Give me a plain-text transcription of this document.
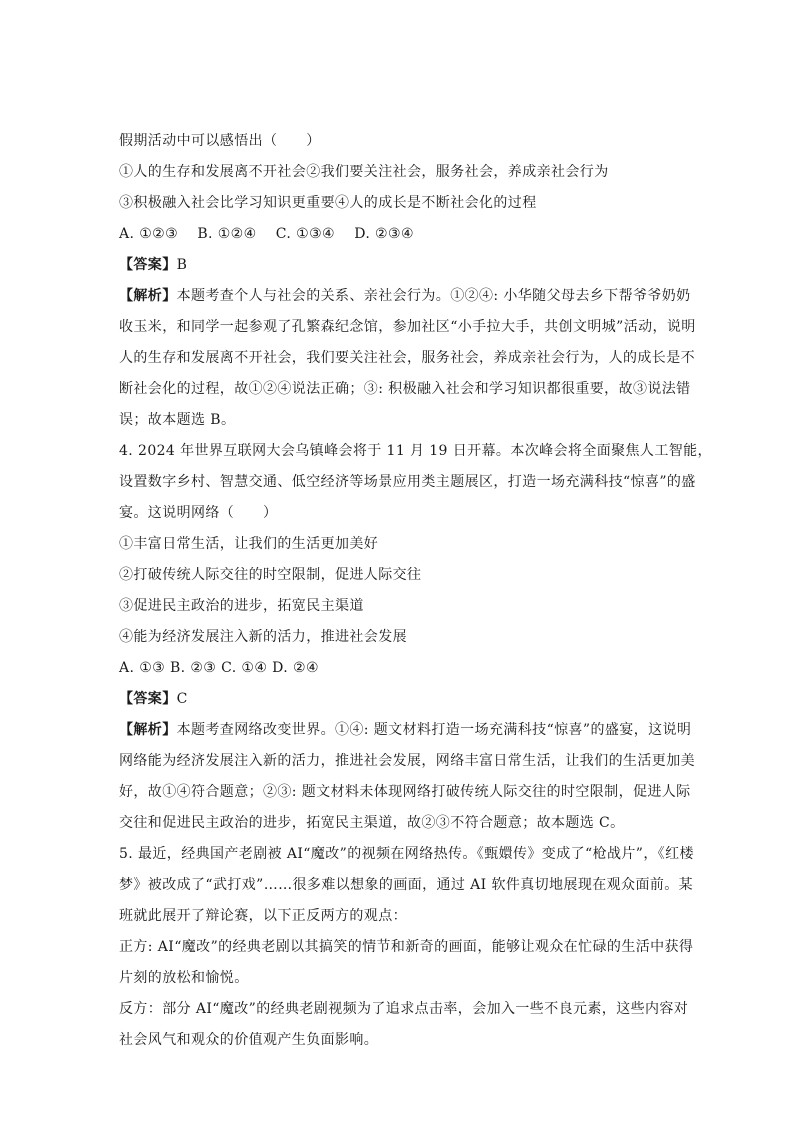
假期活动中可以感悟出（　　）
①人的生存和发展离不开社会②我们要关注社会，服务社会，养成亲社会行为
③积极融入社会比学习知识更重要④人的成长是不断社会化的过程
A. ①②③　 B. ①②④　 C. ①③④　 D. ②③④
【答案】B
【解析】本题考查个人与社会的关系、亲社会行为。①②④: 小华随父母去乡下帮爷爷奶奶
收玉米，和同学一起参观了孔繁森纪念馆，参加社区“小手拉大手，共创文明城”活动，说明
人的生存和发展离不开社会，我们要关注社会，服务社会，养成亲社会行为，人的成长是不
断社会化的过程，故①②④说法正确；③: 积极融入社会和学习知识都很重要，故③说法错
误；故本题选 B。
4. 2024 年世界互联网大会乌镇峰会将于 11 月 19 日开幕。本次峰会将全面聚焦人工智能，
设置数字乡村、智慧交通、低空经济等场景应用类主题展区，打造一场充满科技“惊喜”的盛
宴。这说明网络（　　）
①丰富日常生活，让我们的生活更加美好
②打破传统人际交往的时空限制，促进人际交往
③促进民主政治的进步，拓宽民主渠道
④能为经济发展注入新的活力，推进社会发展
A. ①③ B. ②③ C. ①④ D. ②④
【答案】C
【解析】本题考查网络改变世界。①④: 题文材料打造一场充满科技“惊喜”的盛宴，这说明
网络能为经济发展注入新的活力，推进社会发展，网络丰富日常生活，让我们的生活更加美
好，故①④符合题意；②③: 题文材料未体现网络打破传统人际交往的时空限制，促进人际
交往和促进民主政治的进步，拓宽民主渠道，故②③不符合题意；故本题选 C。
5. 最近，经典国产老剧被 AI“魔改”的视频在网络热传。《甄嬛传》变成了“枪战片”，《红楼
梦》被改成了“武打戏”……很多难以想象的画面，通过 AI 软件真切地展现在观众面前。某
班就此展开了辩论赛，以下正反两方的观点：
正方: AI“魔改”的经典老剧以其搞笑的情节和新奇的画面，能够让观众在忙碌的生活中获得
片刻的放松和愉悦。
反方：部分 AI“魔改”的经典老剧视频为了追求点击率，会加入一些不良元素，这些内容对
社会风气和观众的价值观产生负面影响。
